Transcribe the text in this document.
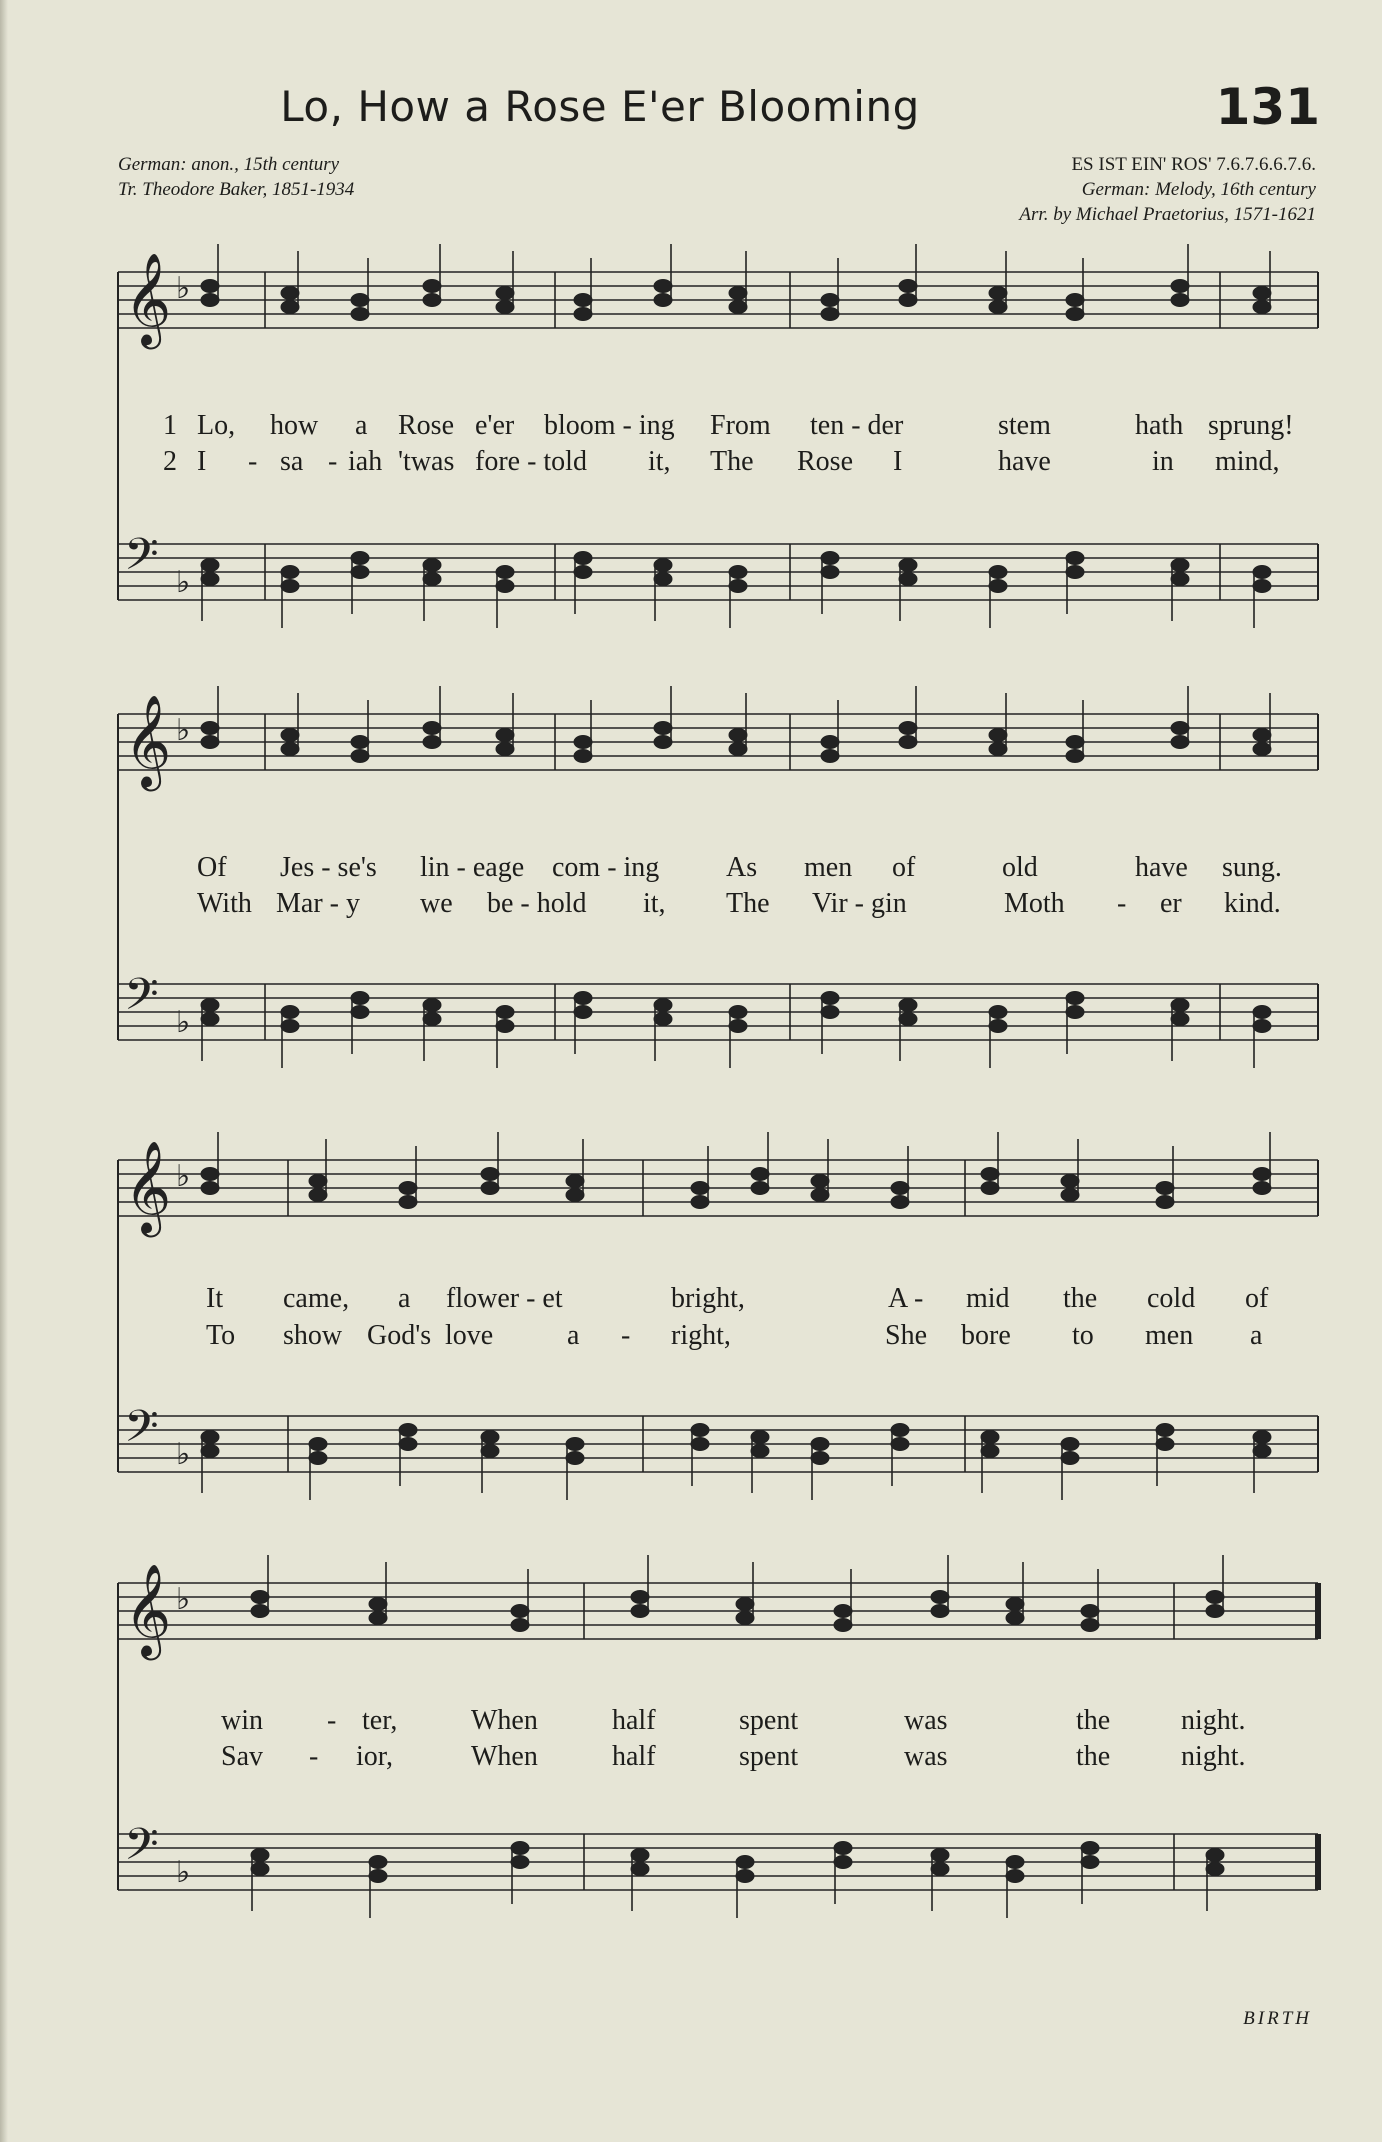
Lo, How a Rose E'er Blooming	131
German: anon., 15th century
Tr. Theodore Baker, 1851-1934
ES IST EIN' ROS' 7.6.7.6.6.7.6.
German: Melody, 16th century
Arr. by Michael Praetorius, 1571-1621
𝄞 ♭
𝄢 ♭
𝄞 ♭
𝄢 ♭
𝄞 ♭
𝄢 ♭
𝄞 ♭
𝄢 ♭
1 Lo, how a Rose e'er bloom - ing From ten - der	stem	hath sprung!
2 I - sa - iah 'twas fore - told it, The Rose I	have	in mind,
Of Jes - se's lin - eage com - ing As men of	old	have sung.
With Mar - y we be - hold it, The Vir - gin	Moth - er kind.
It came, a flower - et	bright,	A - mid the cold of
To show God's love	a - right,	She bore to men a
win - ter,	When	half	spent	was	the	night.
Sav - ior,	When	half	spent	was	the	night.
BIRTH
